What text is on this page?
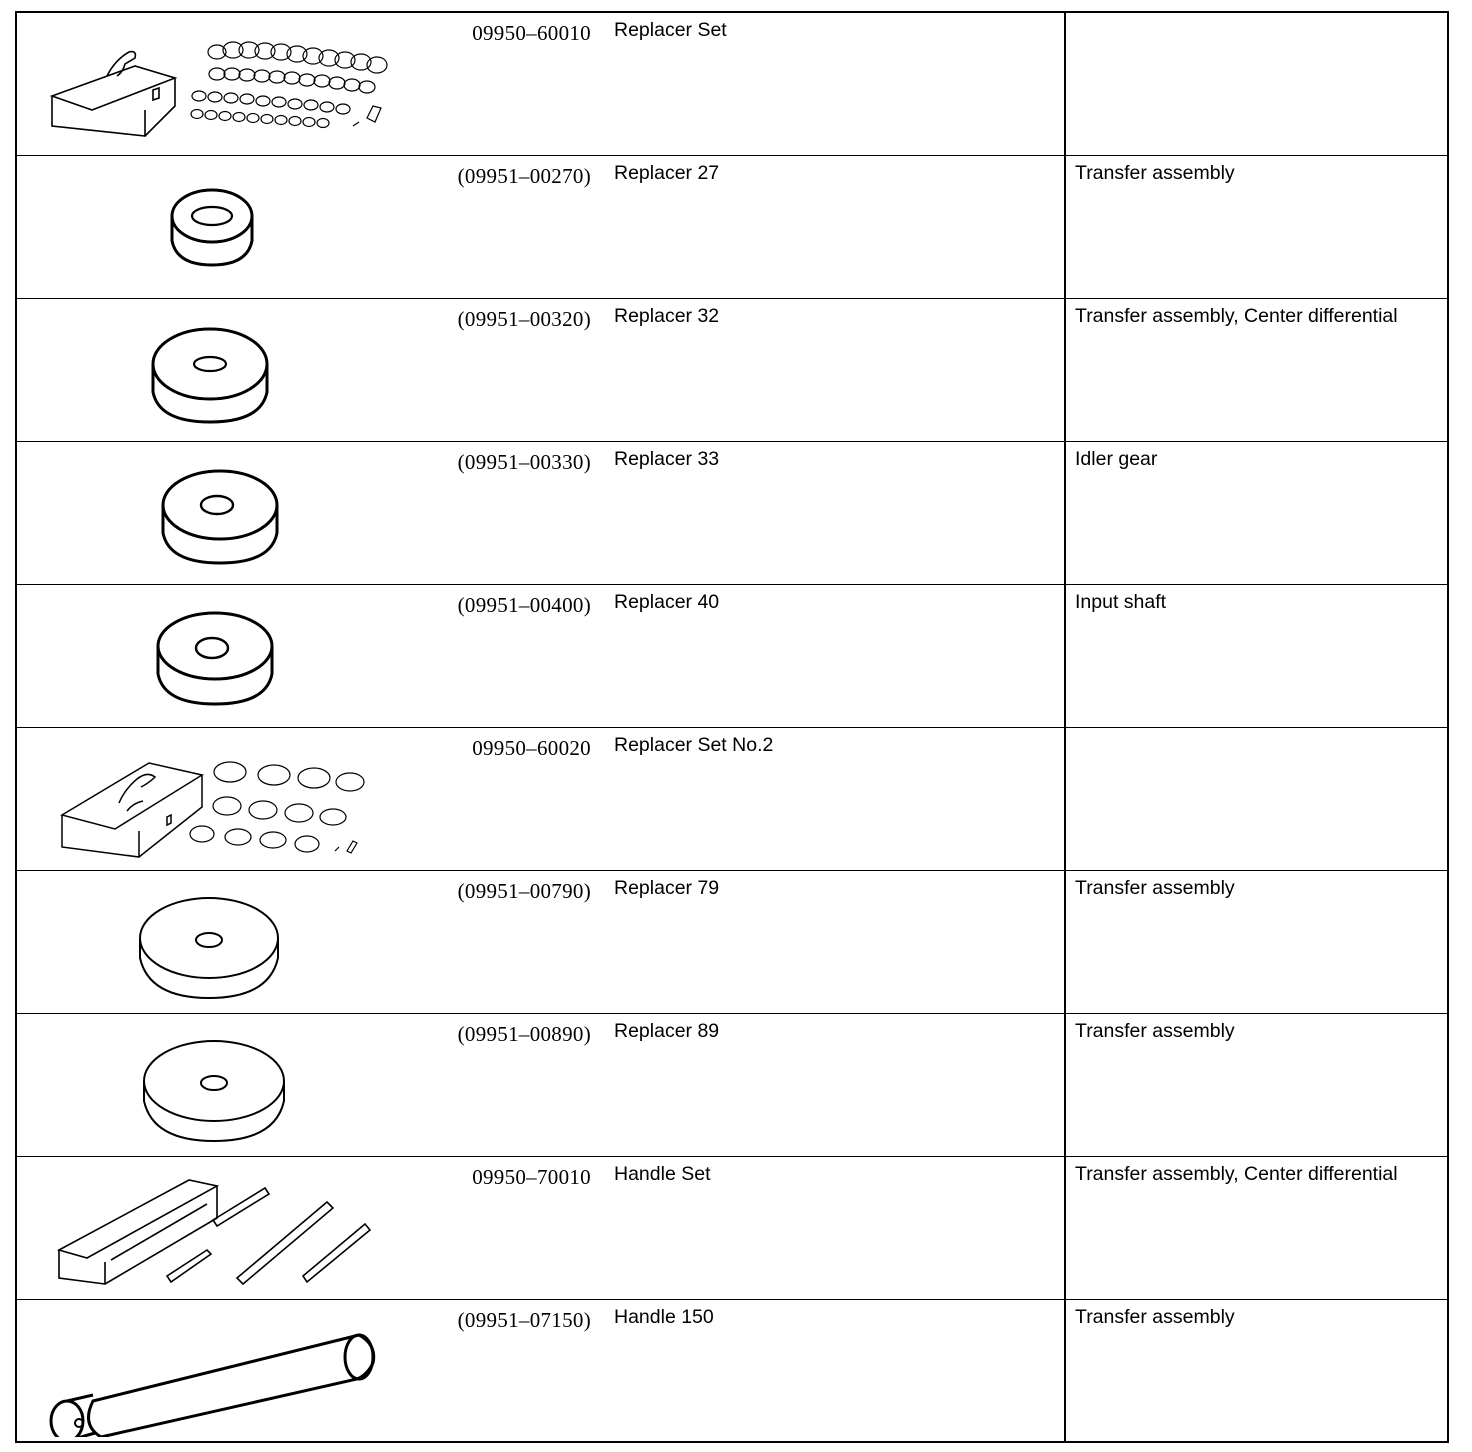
09950–60010 Replacer Set
(09951–00270) Replacer 27	Transfer assembly
(09951–00320) Replacer 32	Transfer assembly, Center differential
(09951–00330) Replacer 33	Idler gear
(09951–00400) Replacer 40	Input shaft
09950–60020 Replacer Set No.2
(09951–00790) Replacer 79	Transfer assembly
(09951–00890) Replacer 89	Transfer assembly
09950–70010 Handle Set	Transfer assembly, Center differential
(09951–07150) Handle 150	Transfer assembly
